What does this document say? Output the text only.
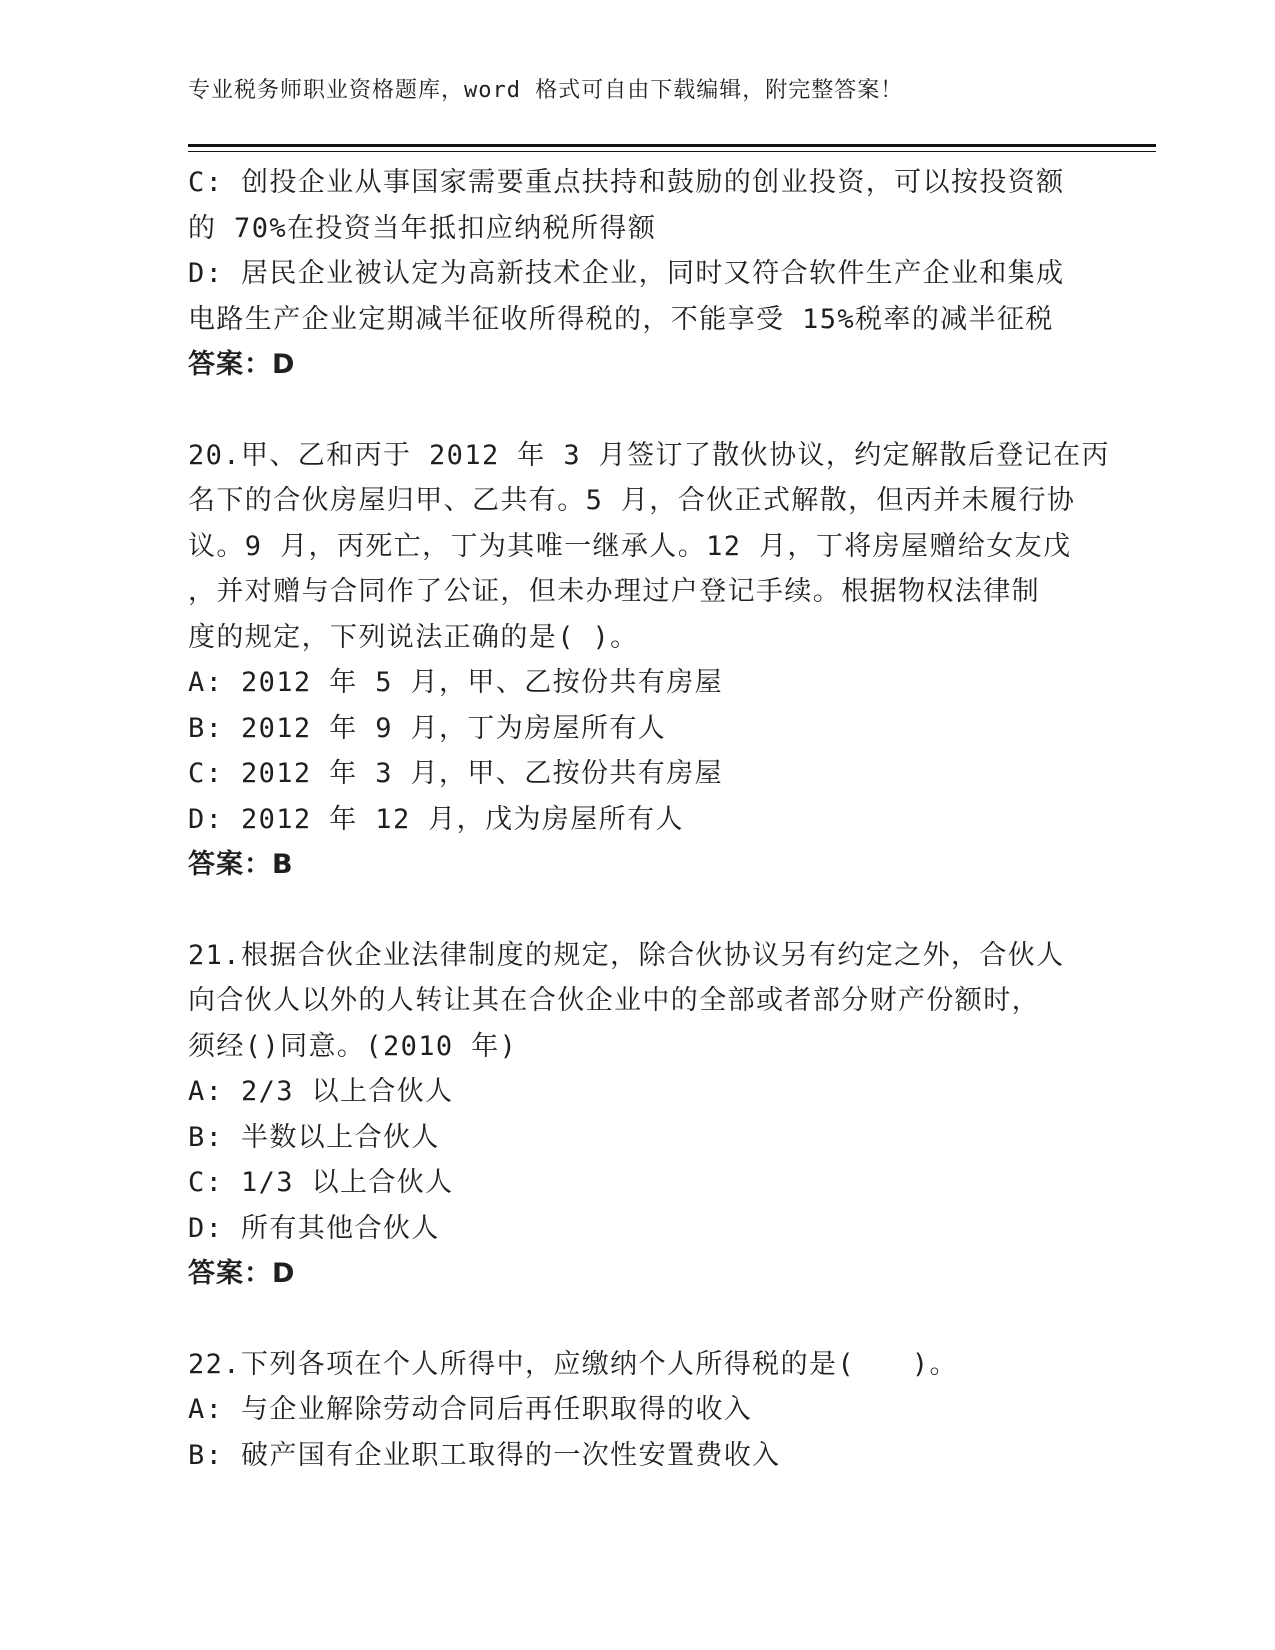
专业税务师职业资格题库，word 格式可自由下载编辑，附完整答案！

C: 创投企业从事国家需要重点扶持和鼓励的创业投资，可以按投资额

的 70%在投资当年抵扣应纳税所得额

D: 居民企业被认定为高新技术企业，同时又符合软件生产企业和集成

电路生产企业定期减半征收所得税的，不能享受 15%税率的减半征税

答案：D

20.甲、乙和丙于 2012 年 3 月签订了散伙协议，约定解散后登记在丙

名下的合伙房屋归甲、乙共有。5 月，合伙正式解散，但丙并未履行协

议。9 月，丙死亡，丁为其唯一继承人。12 月，丁将房屋赠给女友戊

，并对赠与合同作了公证，但未办理过户登记手续。根据物权法律制

度的规定，下列说法正确的是( )。

A: 2012 年 5 月，甲、乙按份共有房屋

B: 2012 年 9 月，丁为房屋所有人

C: 2012 年 3 月，甲、乙按份共有房屋

D: 2012 年 12 月，戊为房屋所有人

答案：B

21.根据合伙企业法律制度的规定，除合伙协议另有约定之外，合伙人

向合伙人以外的人转让其在合伙企业中的全部或者部分财产份额时，

须经()同意。(2010 年)

A: 2/3 以上合伙人

B: 半数以上合伙人

C: 1/3 以上合伙人

D: 所有其他合伙人

答案：D

22.下列各项在个人所得中，应缴纳个人所得税的是(　　)。

A: 与企业解除劳动合同后再任职取得的收入

B: 破产国有企业职工取得的一次性安置费收入
